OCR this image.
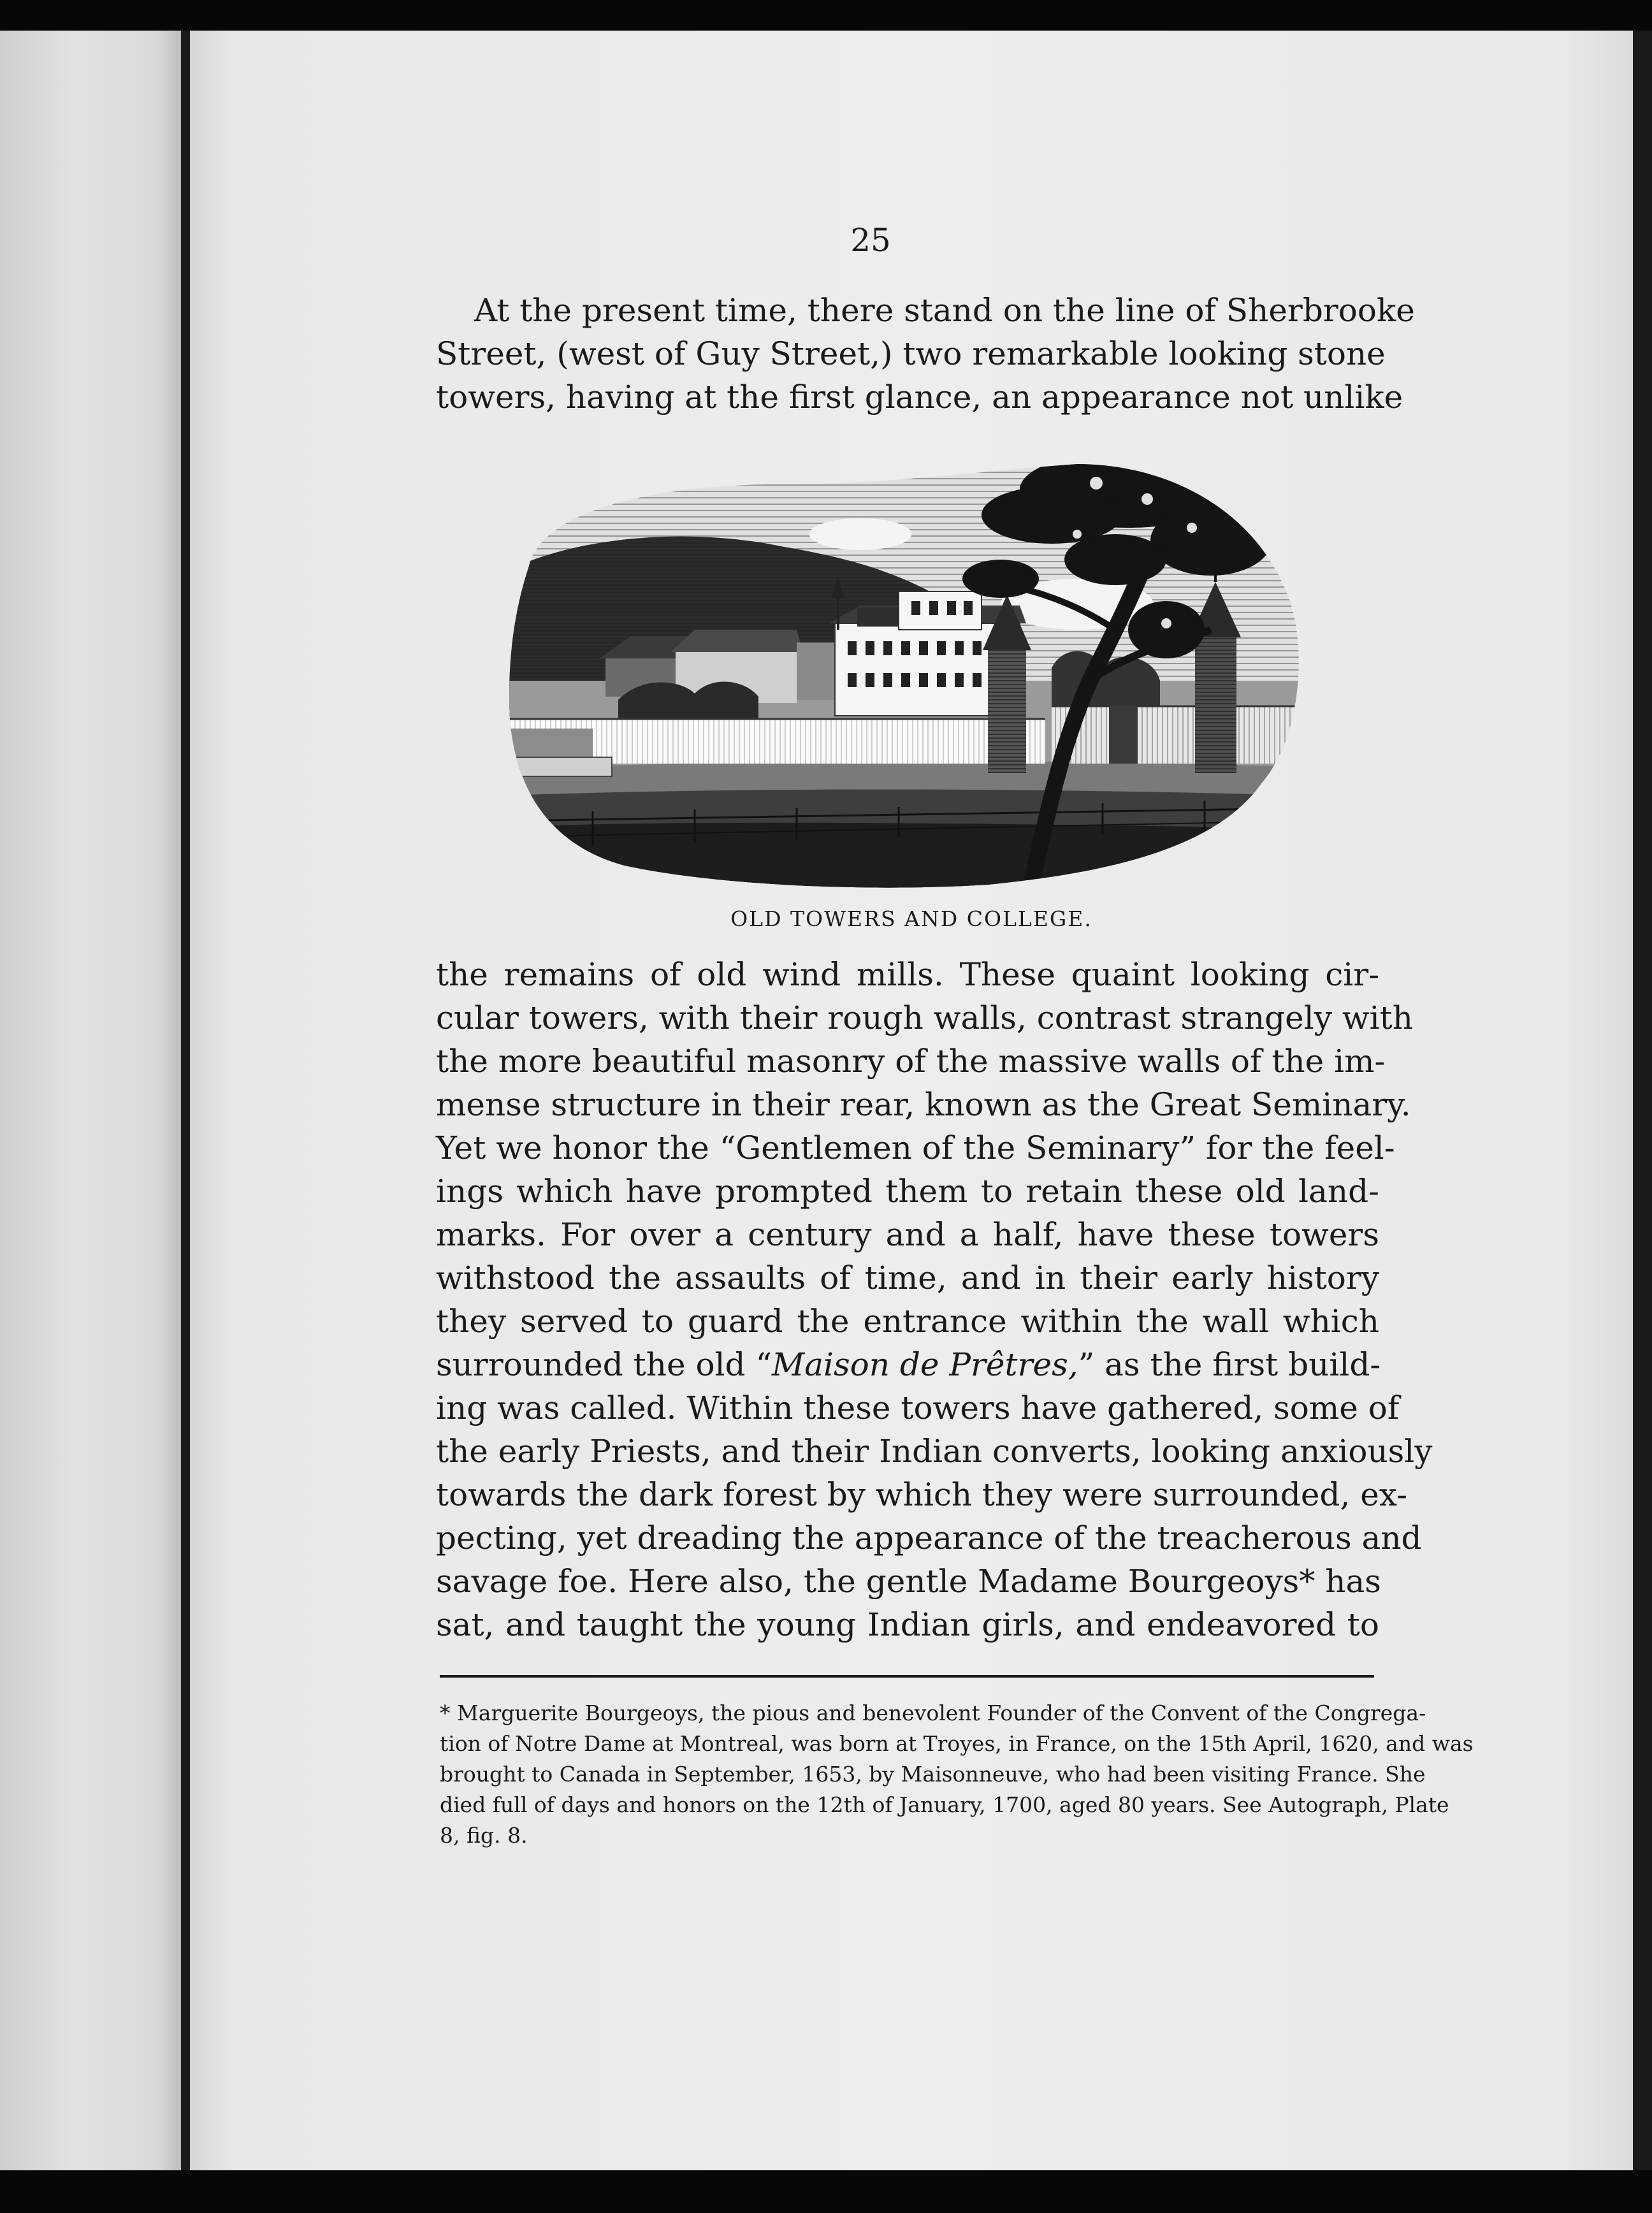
25
At the present time, there stand on the line of Sherbrooke
Street, (west of Guy Street,) two remarkable looking stone
towers, having at the first glance, an appearance not unlike
OLD TOWERS AND COLLEGE.
the remains of old wind mills. These quaint looking cir-
cular towers, with their rough walls, contrast strangely with
the more beautiful masonry of the massive walls of the im-
mense structure in their rear, known as the Great Seminary.
Yet we honor the “Gentlemen of the Seminary” for the feel-
ings which have prompted them to retain these old land-
marks. For over a century and a half, have these towers
withstood the assaults of time, and in their early history
they served to guard the entrance within the wall which
surrounded the old “Maison de Prêtres,” as the first build-
ing was called. Within these towers have gathered, some of
the early Priests, and their Indian converts, looking anxiously
towards the dark forest by which they were surrounded, ex-
pecting, yet dreading the appearance of the treacherous and
savage foe. Here also, the gentle Madame Bourgeoys* has
sat, and taught the young Indian girls, and endeavored to
* Marguerite Bourgeoys, the pious and benevolent Founder of the Convent of the Congrega-
tion of Notre Dame at Montreal, was born at Troyes, in France, on the 15th April, 1620, and was
brought to Canada in September, 1653, by Maisonneuve, who had been visiting France. She
died full of days and honors on the 12th of January, 1700, aged 80 years. See Autograph, Plate
8, fig. 8.
